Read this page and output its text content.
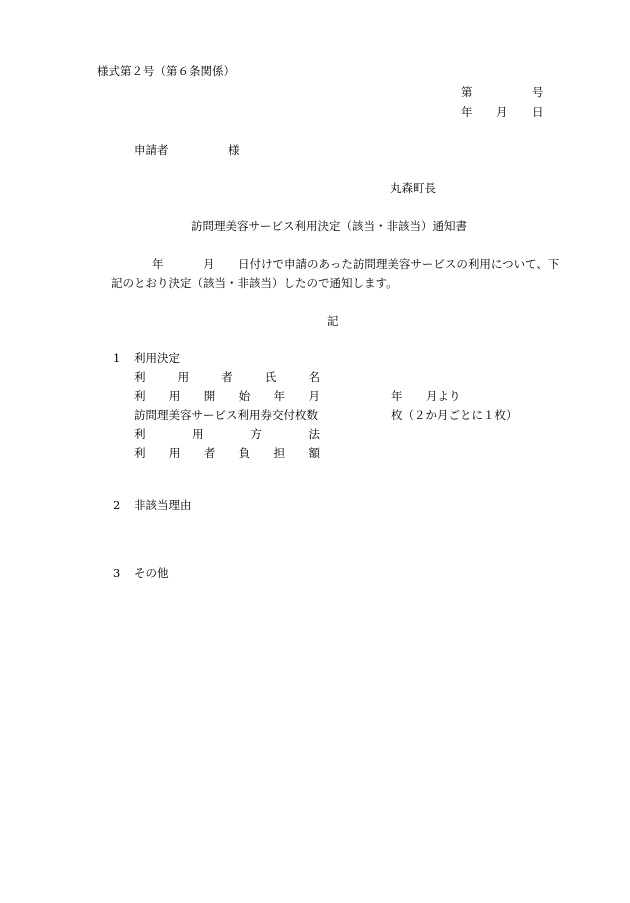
様式第２号（第６条関係）
第	号
年 月 日
申請者	様
丸森町長
訪問理美容サービス利用決定（該当・非該当）通知書
年	月 日付けで申請のあった訪問理美容サービスの利用について、下
記のとおり決定（該当・非該当）したので通知します。
記
1 利用決定
利	用	者	氏	名
利 用 開 始 年 月	年 月より
訪問理美容サービス利用券交付枚数	枚（２か月ごとに１枚）
利	用	方	法
利 用 者 負 担 額
2 非該当理由
3 その他
